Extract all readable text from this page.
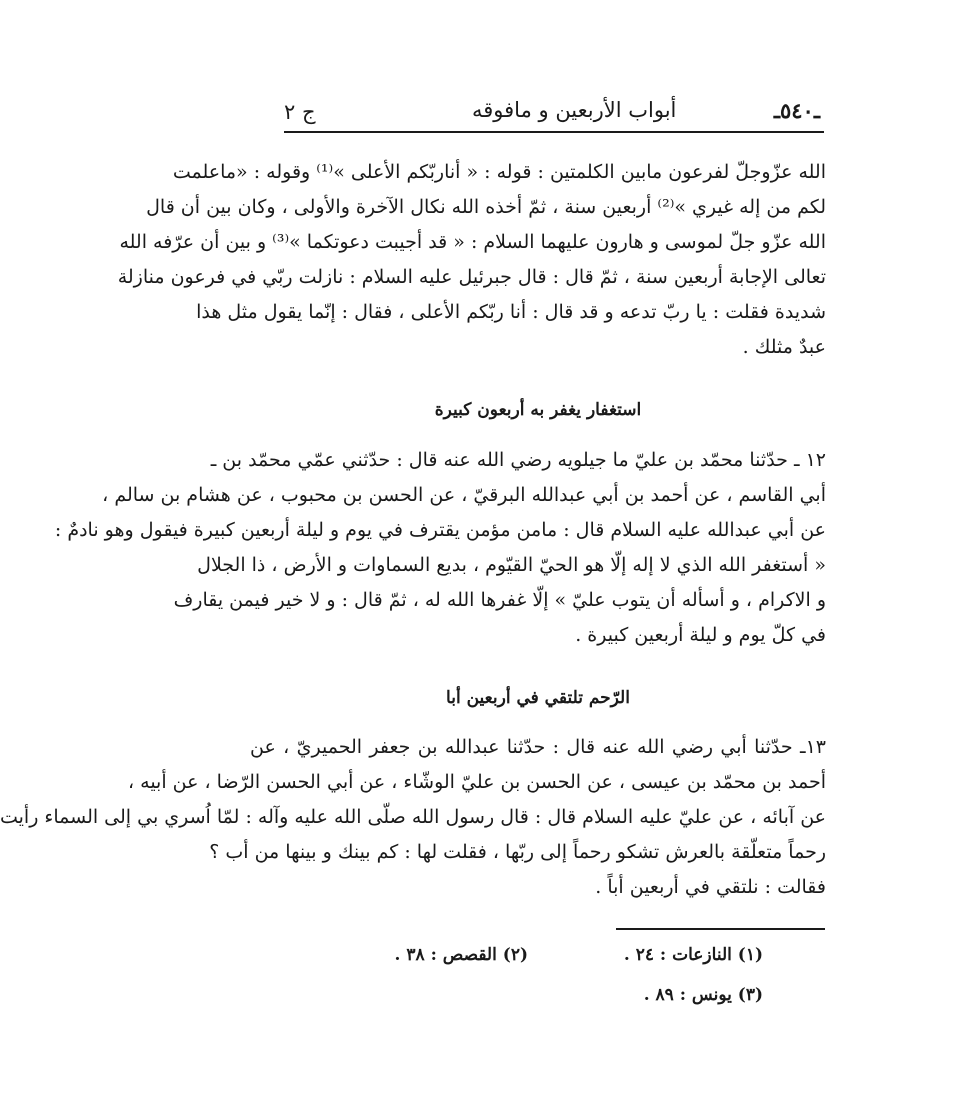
ـ٥٤٠ـ
أبواب الأربعين و مافوقه
ج ٢
الله عزّوجلّ لفرعون مابين الكلمتين : قوله : « أناربّكم الأعلى »⁽¹⁾ وقوله : «ماعلمت
لكم من إله غيري »⁽²⁾ أربعين سنة ، ثمّ أخذه الله نكال الآخرة والأولى ، وكان بين أن قال
الله عزّو جلّ لموسى و هارون عليهما السلام : « قد أجيبت دعوتكما »⁽³⁾ و بين أن عرّفه الله
تعالى الإجابة أربعين سنة ، ثمّ قال : قال جبرئيل عليه السلام : نازلت ربّي في فرعون منازلة
شديدة فقلت : يا ربّ تدعه و قد قال : أنا ربّكم الأعلى ، فقال : إنّما يقول مثل هذا
عبدٌ مثلك .
استغفار يغفر به أربعون كبيرة
١٢ ـ حدّثنا محمّد بن عليّ ما جيلويه رضي الله عنه قال : حدّثني عمّي محمّد بن ـ
أبي القاسم ، عن أحمد بن أبي عبدالله البرقيّ ، عن الحسن بن محبوب ، عن هشام بن سالم ،
عن أبي عبدالله عليه السلام قال : مامن مؤمن يقترف في يوم و ليلة أربعين كبيرة فيقول وهو نادمٌ :
« أستغفر الله الذي لا إله إلّا هو الحيّ القيّوم ، بديع السماوات و الأرض ، ذا الجلال
و الاكرام ، و أسأله أن يتوب عليّ » إلّا غفرها الله له ، ثمّ قال : و لا خير فيمن يقارف
في كلّ يوم و ليلة أربعين كبيرة .
الرّحم تلتقي في أربعين أبا
١٣ـ حدّثنا أبي رضي الله عنه قال : حدّثنا عبدالله بن جعفر الحميريّ ، عن
أحمد بن محمّد بن عيسى ، عن الحسن بن عليّ الوشّاء ، عن أبي الحسن الرّضا ، عن أبيه ،
عن آبائه ، عن عليّ عليه السلام قال : قال رسول الله صلّى الله عليه وآله : لمّا اُسري بي إلى السماء رأيت
رحماً متعلّقة بالعرش تشكو رحماً إلى ربّها ، فقلت لها : كم بينك و بينها من أب ؟
فقالت : نلتقي في أربعين أباً .
(١) النازعات : ٢٤ .
(٢) القصص : ٣٨ .
(٣) يونس : ٨٩ .
